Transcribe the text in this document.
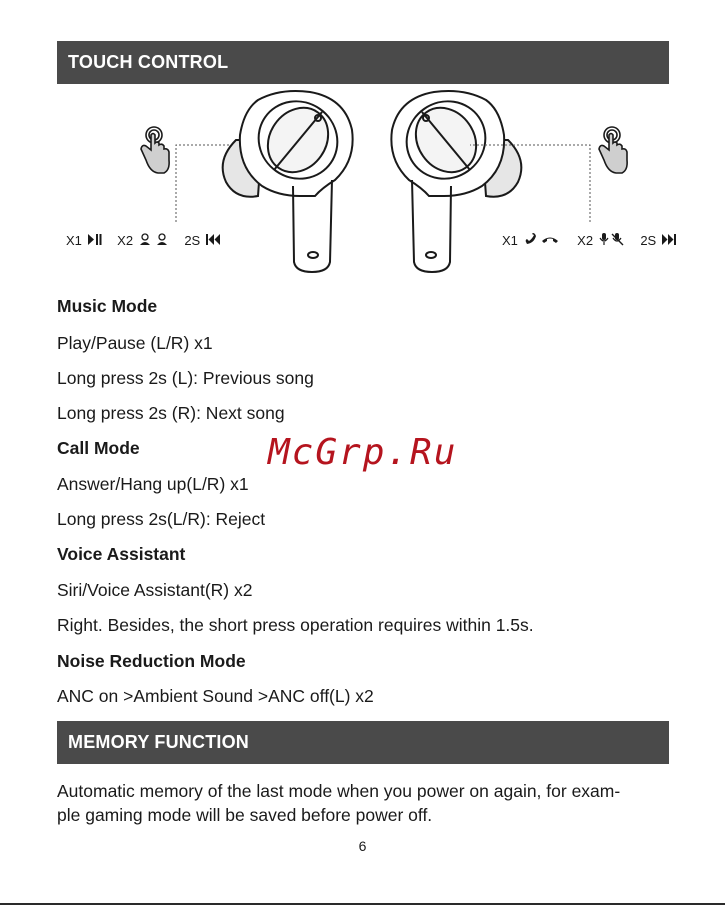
TOUCH CONTROL
X1	X2	2S	X1	X2	2S
Music Mode
Play/Pause (L/R) x1
Long press 2s (L): Previous song
Long press 2s (R): Next song
Call Mode
Answer/Hang up(L/R) x1
Long press 2s(L/R): Reject
Voice Assistant
Siri/Voice Assistant(R) x2
Right. Besides, the short press operation requires within 1.5s.
Noise Reduction Mode
ANC on >Ambient Sound >ANC off(L) x2
McGrp.Ru
MEMORY FUNCTION
Automatic memory of the last mode when you power on again, for exam-
ple gaming mode will be saved before power off.
6
